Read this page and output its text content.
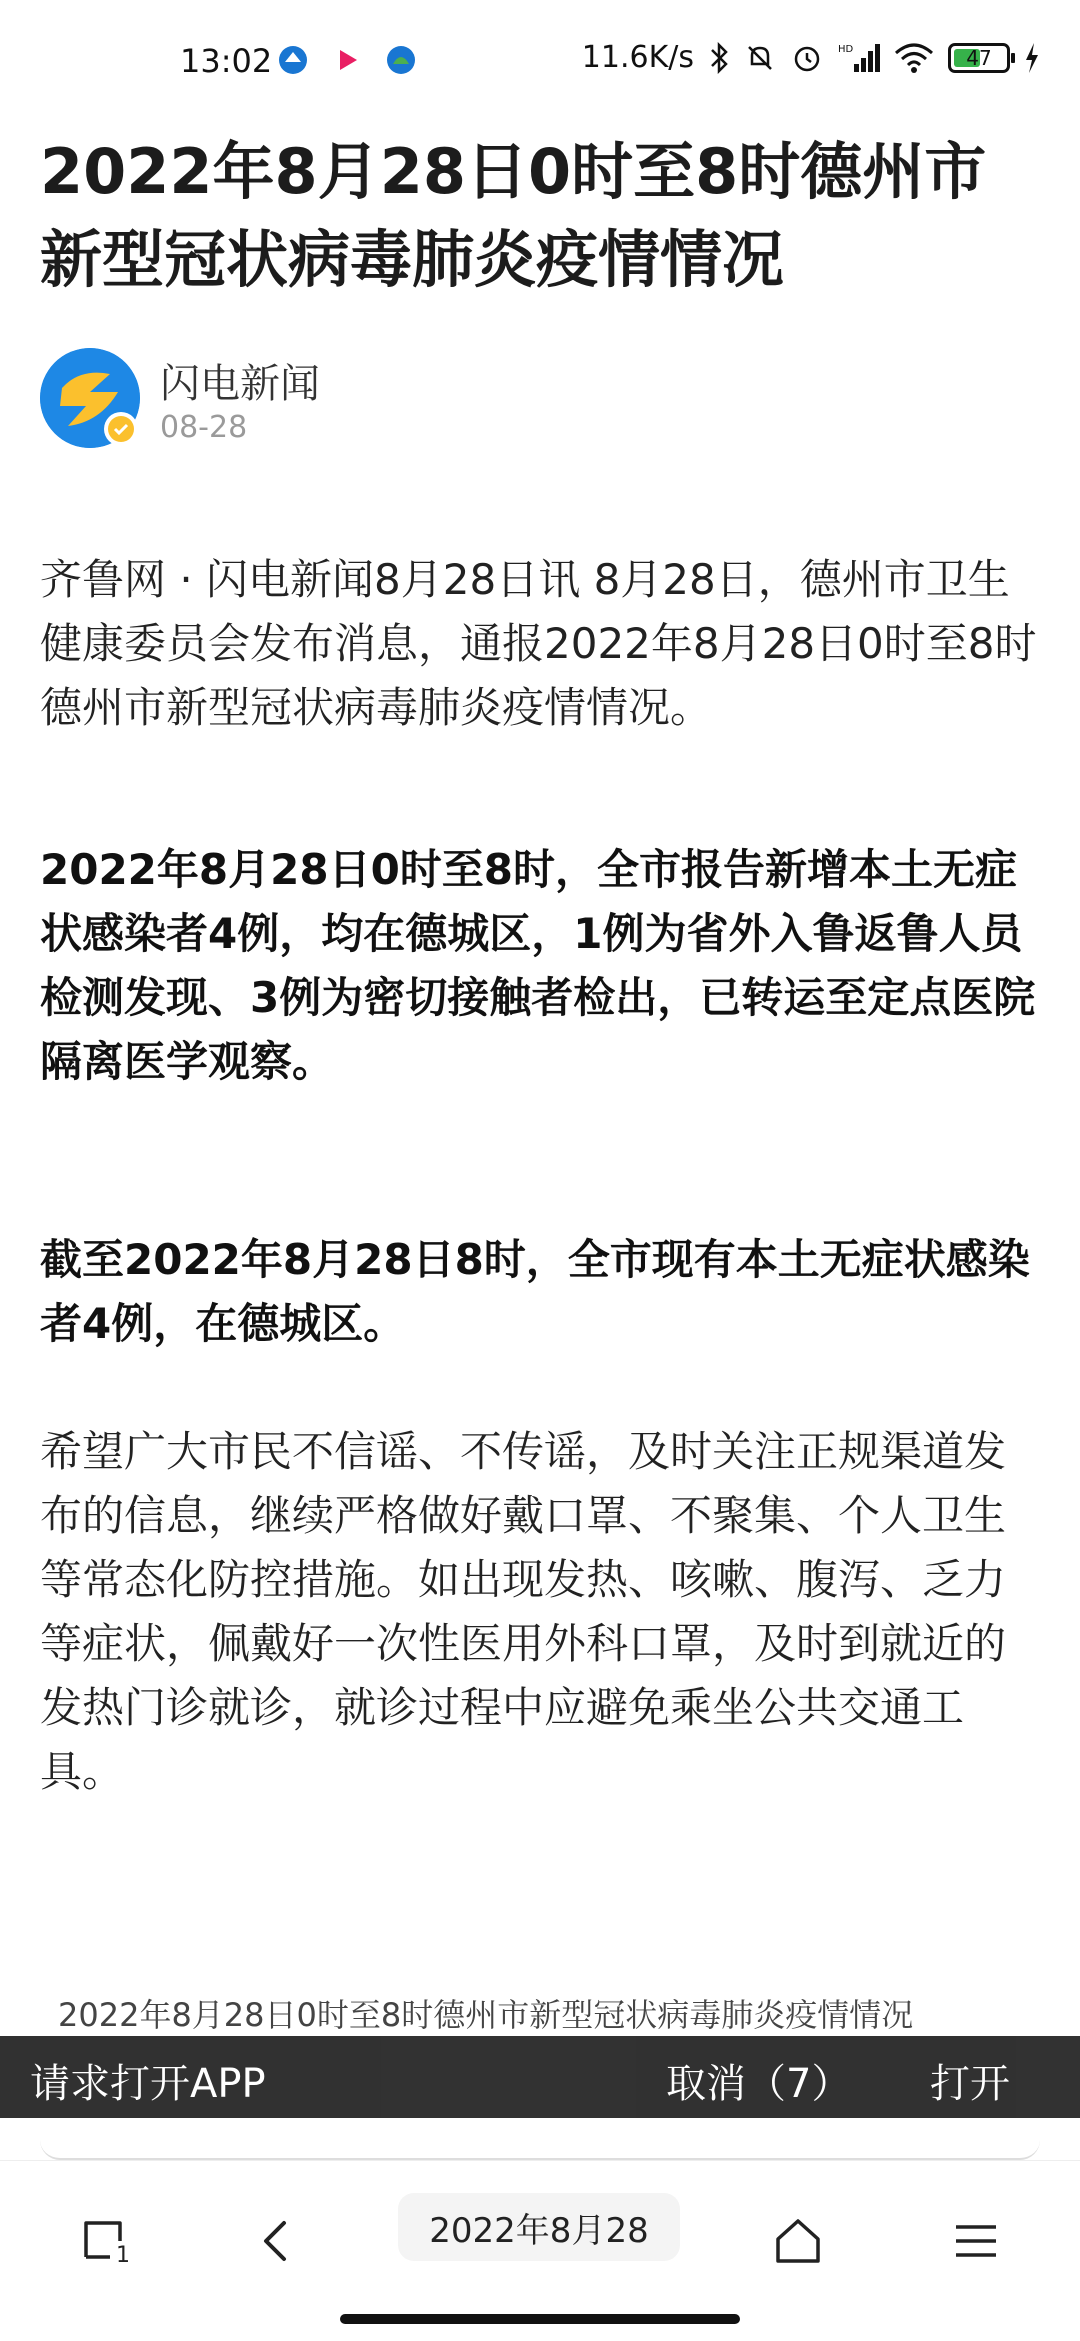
13:02	11.6K/s	HD	47
2022年8月28日0时至8时德州市新型冠状病毒肺炎疫情情况
闪电新闻
08-28

齐鲁网 · 闪电新闻8月28日讯 8月28日，德州市卫生健康委员会发布消息，通报2022年8月28日0时至8时德州市新型冠状病毒肺炎疫情情况。

2022年8月28日0时至8时，全市报告新增本土无症状感染者4例，均在德城区，1例为省外入鲁返鲁人员检测发现、3例为密切接触者检出，已转运至定点医院隔离医学观察。

截至2022年8月28日8时，全市现有本土无症状感染者4例，在德城区。

希望广大市民不信谣、不传谣，及时关注正规渠道发布的信息，继续严格做好戴口罩、不聚集、个人卫生等常态化防控措施。如出现发热、咳嗽、腹泻、乏力等症状，佩戴好一次性医用外科口罩，及时到就近的发热门诊就诊，就诊过程中应避免乘坐公共交通工具。

2022年8月28日0时至8时德州市新型冠状病毒肺炎疫情情况
请求打开APP	取消（7） 打开
1
2022年8月28
